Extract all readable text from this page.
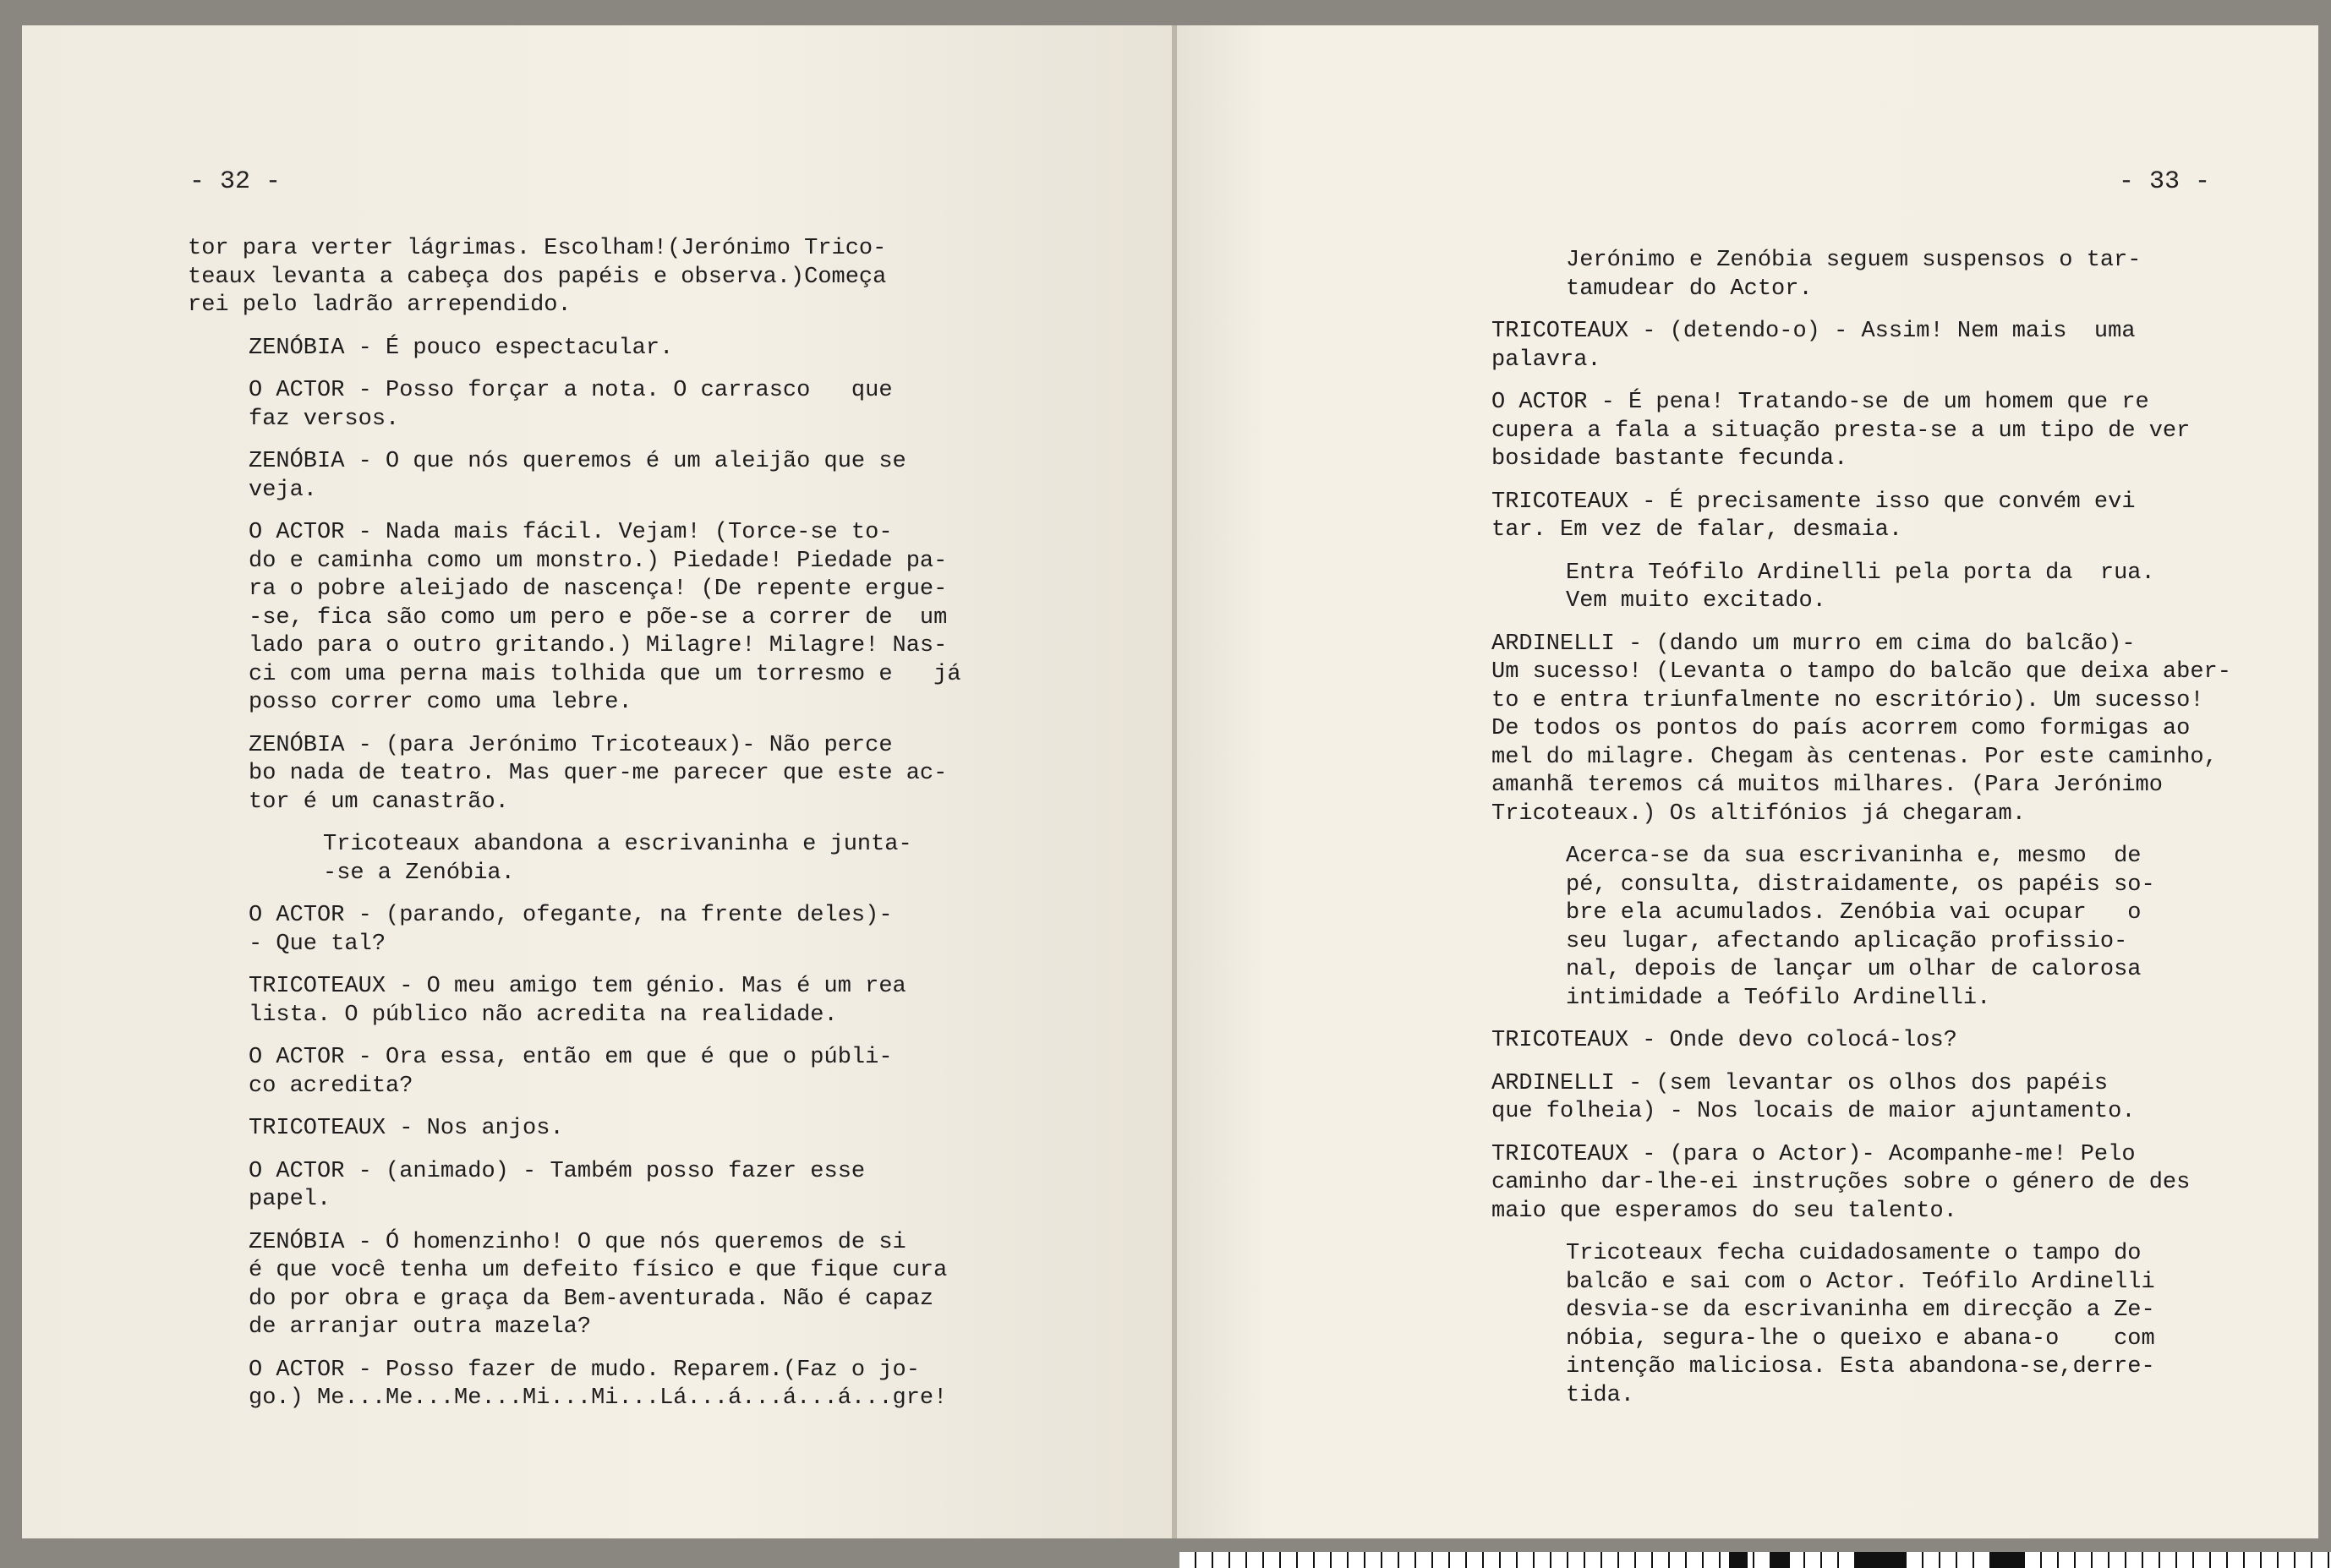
- 32 -

tor para verter lágrimas. Escolham!(Jerónimo Trico-
teaux levanta a cabeça dos papéis e observa.)Começa
rei pelo ladrão arrependido.

ZENÓBIA - É pouco espectacular.

O ACTOR - Posso forçar a nota. O carrasco   que
faz versos.

ZENÓBIA - O que nós queremos é um aleijão que se
veja.

O ACTOR - Nada mais fácil. Vejam! (Torce-se to-
do e caminha como um monstro.) Piedade! Piedade pa-
ra o pobre aleijado de nascença! (De repente ergue-
-se, fica são como um pero e põe-se a correr de  um
lado para o outro gritando.) Milagre! Milagre! Nas-
ci com uma perna mais tolhida que um torresmo e   já
posso correr como uma lebre.

ZENÓBIA - (para Jerónimo Tricoteaux)- Não perce
bo nada de teatro. Mas quer-me parecer que este ac-
tor é um canastrão.

Tricoteaux abandona a escrivaninha e junta-
-se a Zenóbia.

O ACTOR - (parando, ofegante, na frente deles)-
- Que tal?

TRICOTEAUX - O meu amigo tem génio. Mas é um rea
lista. O público não acredita na realidade.

O ACTOR - Ora essa, então em que é que o públi-
co acredita?

TRICOTEAUX - Nos anjos.

O ACTOR - (animado) - Também posso fazer esse
papel.

ZENÓBIA - Ó homenzinho! O que nós queremos de si
é que você tenha um defeito físico e que fique cura
do por obra e graça da Bem-aventurada. Não é capaz
de arranjar outra mazela?

O ACTOR - Posso fazer de mudo. Reparem.(Faz o jo-
go.) Me...Me...Me...Mi...Mi...Lá...á...á...á...gre!

- 33 -

Jerónimo e Zenóbia seguem suspensos o tar-
tamudear do Actor.

TRICOTEAUX - (detendo-o) - Assim! Nem mais  uma
palavra.

O ACTOR - É pena! Tratando-se de um homem que re
cupera a fala a situação presta-se a um tipo de ver
bosidade bastante fecunda.

TRICOTEAUX - É precisamente isso que convém evi
tar. Em vez de falar, desmaia.

Entra Teófilo Ardinelli pela porta da  rua.
Vem muito excitado.

ARDINELLI - (dando um murro em cima do balcão)-
Um sucesso! (Levanta o tampo do balcão que deixa aber-
to e entra triunfalmente no escritório). Um sucesso!
De todos os pontos do país acorrem como formigas ao
mel do milagre. Chegam às centenas. Por este caminho,
amanhã teremos cá muitos milhares. (Para Jerónimo
Tricoteaux.) Os altifónios já chegaram.

Acerca-se da sua escrivaninha e, mesmo  de
pé, consulta, distraidamente, os papéis so-
bre ela acumulados. Zenóbia vai ocupar   o
seu lugar, afectando aplicação profissio-
nal, depois de lançar um olhar de calorosa
intimidade a Teófilo Ardinelli.

TRICOTEAUX - Onde devo colocá-los?

ARDINELLI - (sem levantar os olhos dos papéis
que folheia) - Nos locais de maior ajuntamento.

TRICOTEAUX - (para o Actor)- Acompanhe-me! Pelo
caminho dar-lhe-ei instruções sobre o género de des
maio que esperamos do seu talento.

Tricoteaux fecha cuidadosamente o tampo do
balcão e sai com o Actor. Teófilo Ardinelli
desvia-se da escrivaninha em direcção a Ze-
nóbia, segura-lhe o queixo e abana-o    com
intenção maliciosa. Esta abandona-se,derre-
tida.
